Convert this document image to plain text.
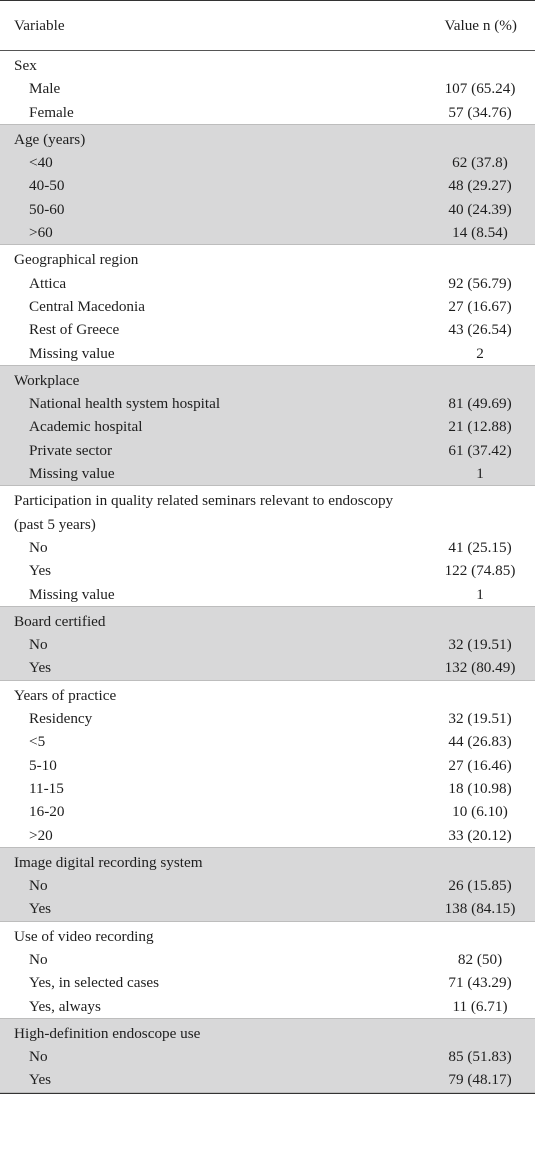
Variable	Value n (%)
Sex
Male	107 (65.24)
Female	57 (34.76)
Age (years)
<40	62 (37.8)
40-50	48 (29.27)
50-60	40 (24.39)
>60	14 (8.54)
Geographical region
Attica	92 (56.79)
Central Macedonia	27 (16.67)
Rest of Greece	43 (26.54)
Missing value	2
Workplace
National health system hospital	81 (49.69)
Academic hospital	21 (12.88)
Private sector	61 (37.42)
Missing value	1
Participation in quality related seminars relevant to endoscopy (past 5 years)
No	41 (25.15)
Yes	122 (74.85)
Missing value	1
Board certified
No	32 (19.51)
Yes	132 (80.49)
Years of practice
Residency	32 (19.51)
<5	44 (26.83)
5-10	27 (16.46)
11-15	18 (10.98)
16-20	10 (6.10)
>20	33 (20.12)
Image digital recording system
No	26 (15.85)
Yes	138 (84.15)
Use of video recording
No	82 (50)
Yes, in selected cases	71 (43.29)
Yes, always	11 (6.71)
High-definition endoscope use
No	85 (51.83)
Yes	79 (48.17)
